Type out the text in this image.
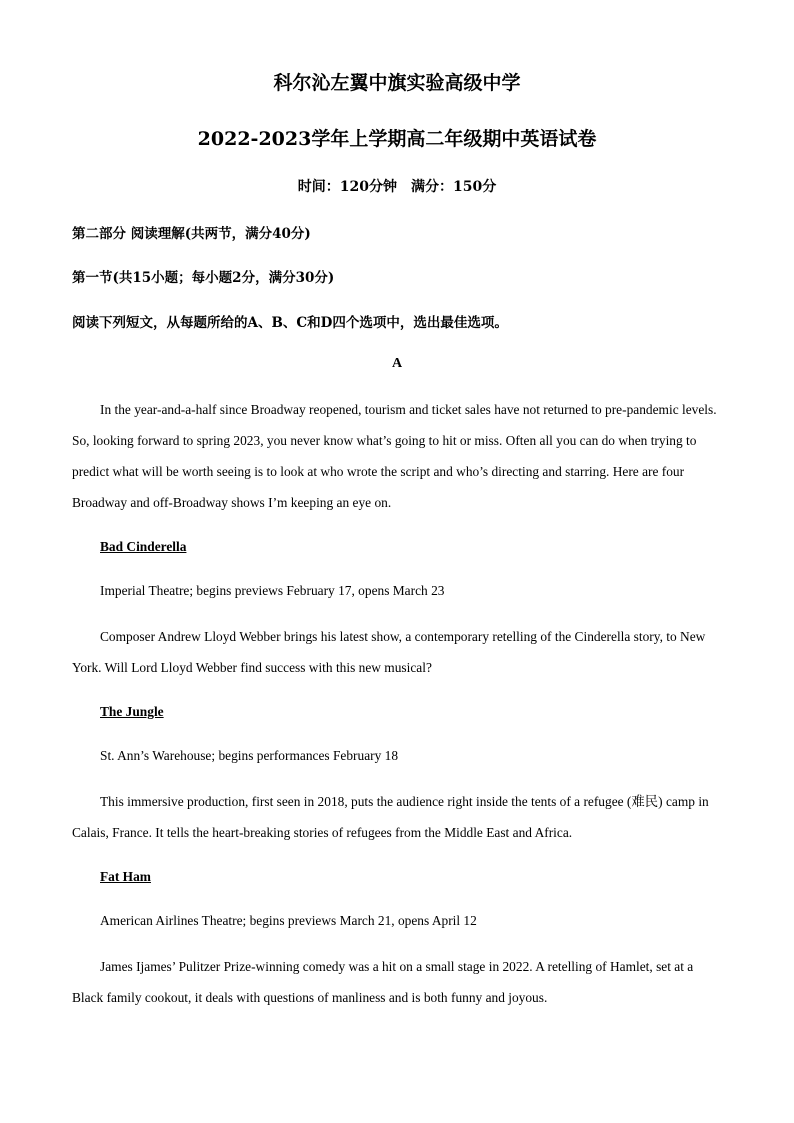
科尔沁左翼中旗实验高级中学
2022-2023学年上学期高二年级期中英语试卷
时间：120分钟　满分：150分
第二部分 阅读理解(共两节，满分40分)
第一节(共15小题；每小题2分，满分30分)
阅读下列短文，从每题所给的A、B、C和D四个选项中，选出最佳选项。
A

In the year-and-a-half since Broadway reopened, tourism and ticket sales have not returned to pre-pandemic levels. So, looking forward to spring 2023, you never know what’s going to hit or miss. Often all you can do when trying to predict what will be worth seeing is to look at who wrote the script and who’s directing and starring. Here are four Broadway and off-Broadway shows I’m keeping an eye on.

Bad Cinderella
Imperial Theatre; begins previews February 17, opens March 23

Composer Andrew Lloyd Webber brings his latest show, a contemporary retelling of the Cinderella story, to New York. Will Lord Lloyd Webber find success with this new musical?

The Jungle
St. Ann’s Warehouse; begins performances February 18

This immersive production, first seen in 2018, puts the audience right inside the tents of a refugee (难民) camp in Calais, France. It tells the heart-breaking stories of refugees from the Middle East and Africa.

Fat Ham
American Airlines Theatre; begins previews March 21, opens April 12

James Ijames’ Pulitzer Prize-winning comedy was a hit on a small stage in 2022. A retelling of Hamlet, set at a Black family cookout, it deals with questions of manliness and is both funny and joyous.
